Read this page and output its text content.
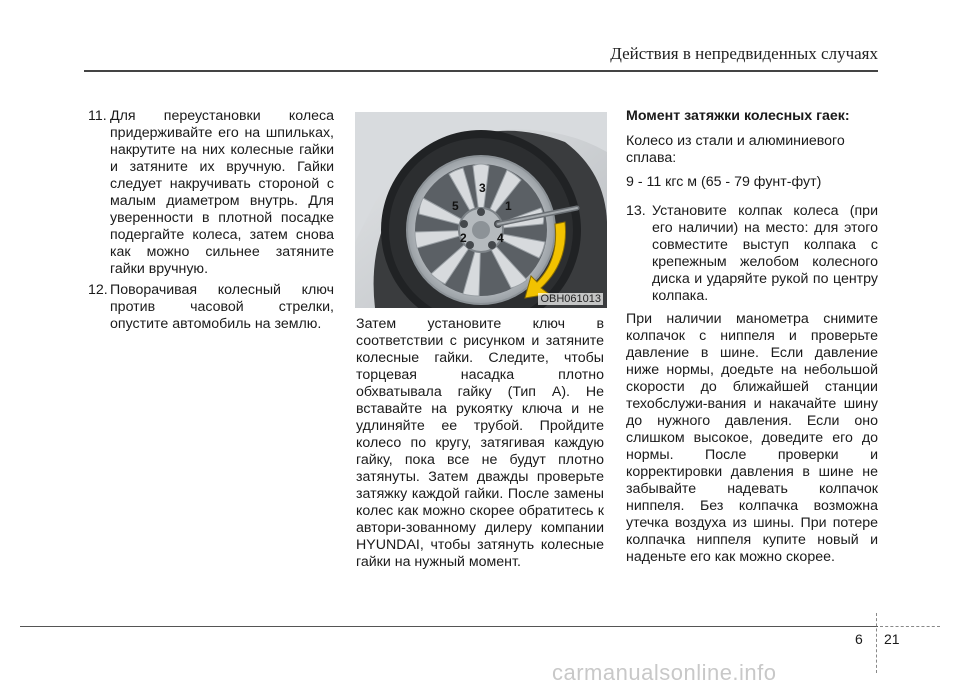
Действия в непредвиденных случаях
11. Для переустановки колеса придерживайте его на шпильках, накрутите на них колесные гайки и затяните их вручную. Гайки следует накручивать стороной с малым диаметром внутрь. Для уверенности в плотной посадке подергайте колеса, затем снова как можно сильнее затяните гайки вручную.
12. Поворачивая колесный ключ против часовой стрелки, опустите автомобиль на землю.
3
1
5
2	4
OBH061013
Затем установите ключ в соответствии с рисунком и затяните колесные гайки. Следите, чтобы торцевая насадка плотно обхватывала гайку (Тип A). Не вставайте на рукоятку ключа и не удлиняйте ее трубой. Пройдите колесо по кругу, затягивая каждую гайку, пока все не будут плотно затянуты. Затем дважды проверьте затяжку каждой гайки. После замены колес как можно скорее обратитесь к автори-зованному дилеру компании HYUNDAI, чтобы затянуть колесные гайки на нужный момент.

Момент затяжки колесных гаек:

Колесо из стали и алюминиевого сплава:

9 - 11 кгс м (65 - 79 фунт-фут)

13. Установите колпак колеса (при его наличии) на место: для этого совместите выступ колпака с крепежным желобом колесного диска и ударяйте рукой по центру колпака.

При наличии манометра снимите колпачок с ниппеля и проверьте давление в шине. Если давление ниже нормы, доедьте на небольшой скорости до ближайшей станции техобслужи-вания и накачайте шину до нужного давления. Если оно слишком высокое, доведите его до нормы. После проверки и корректировки давления в шине не забывайте надевать колпачок ниппеля. Без колпачка возможна утечка воздуха из шины. При потере колпачка ниппеля купите новый и наденьте его как можно скорее.

6 21
carmanualsonline.info
